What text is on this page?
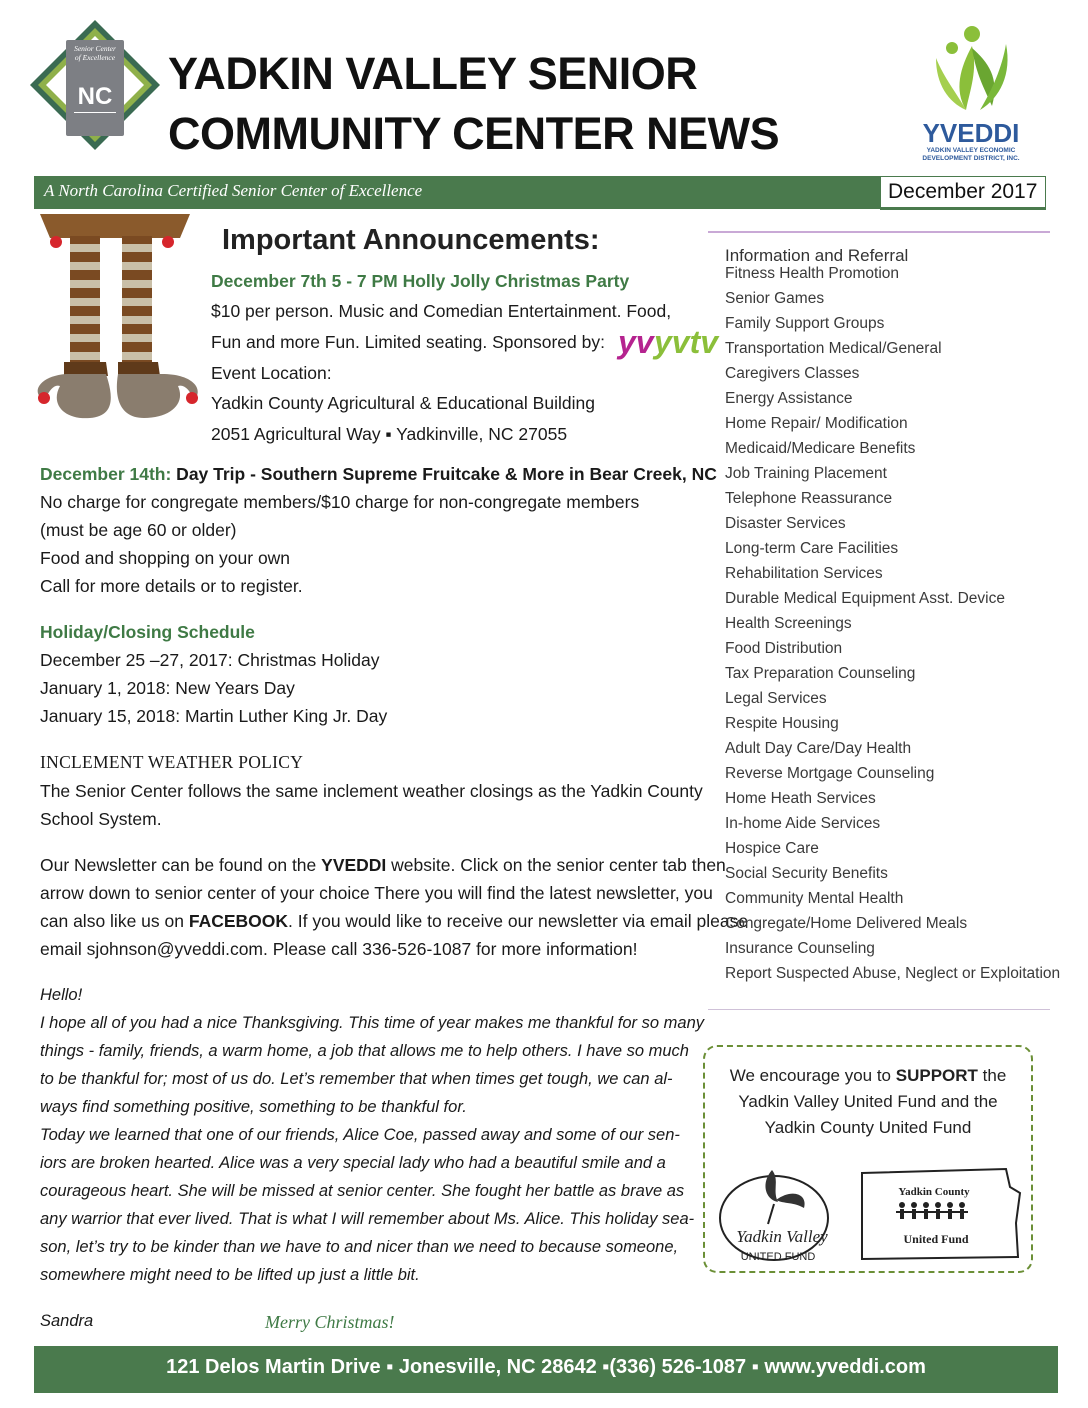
Senior Center
of Excellence
NC YADKIN VALLEY SENIOR
COMMUNITY CENTER NEWS	YVEDDI
YADKIN VALLEY ECONOMIC
DEVELOPMENT DISTRICT, INC.
A North Carolina Certified Senior Center of Excellence	December 2017
Important Announcements:
December 7th 5 - 7 PM Holly Jolly Christmas Party
$10 per person. Music and Comedian Entertainment. Food,
Fun and more Fun. Limited seating. Sponsored by: yv yvtv
Event Location:
Yadkin County Agricultural & Educational Building
2051 Agricultural Way ▪ Yadkinville, NC 27055
December 14th: Day Trip - Southern Supreme Fruitcake & More in Bear Creek, NC
No charge for congregate members/$10 charge for non-congregate members
(must be age 60 or older)
Food and shopping on your own
Call for more details or to register.
Holiday/Closing Schedule
December 25 –27, 2017: Christmas Holiday
January 1, 2018: New Years Day
January 15, 2018: Martin Luther King Jr. Day
INCLEMENT WEATHER POLICY
The Senior Center follows the same inclement weather closings as the Yadkin County
School System.
Our Newsletter can be found on the YVEDDI website. Click on the senior center tab then
arrow down to senior center of your choice There you will find the latest newsletter, you
can also like us on FACEBOOK. If you would like to receive our newsletter via email please
email sjohnson@yveddi.com. Please call 336-526-1087 for more information!
Hello!
I hope all of you had a nice Thanksgiving. This time of year makes me thankful for so many
things - family, friends, a warm home, a job that allows me to help others. I have so much
to be thankful for; most of us do. Let’s remember that when times get tough, we can al-
ways find something positive, something to be thankful for.
Today we learned that one of our friends, Alice Coe, passed away and some of our sen-
iors are broken hearted. Alice was a very special lady who had a beautiful smile and a
courageous heart. She will be missed at senior center. She fought her battle as brave as
any warrior that ever lived. That is what I will remember about Ms. Alice. This holiday sea-
son, let’s try to be kinder than we have to and nicer than we need to because someone,
somewhere might need to be lifted up just a little bit.
Sandra	Merry Christmas!
Information and Referral
Fitness Health Promotion
Senior Games
Family Support Groups
Transportation Medical/General
Caregivers Classes
Energy Assistance
Home Repair/ Modification
Medicaid/Medicare Benefits
Job Training Placement
Telephone Reassurance
Disaster Services
Long-term Care Facilities
Rehabilitation Services
Durable Medical Equipment Asst. Device
Health Screenings
Food Distribution
Tax Preparation Counseling
Legal Services
Respite Housing
Adult Day Care/Day Health
Reverse Mortgage Counseling
Home Heath Services
In-home Aide Services
Hospice Care
Social Security Benefits
Community Mental Health
Congregate/Home Delivered Meals
Insurance Counseling
Report Suspected Abuse, Neglect or Exploitation
We encourage you to SUPPORT the
Yadkin Valley United Fund and the
Yadkin County United Fund
Yadkin Valley
UNITED FUND
Yadkin County
United Fund
121 Delos Martin Drive ▪ Jonesville, NC 28642 ▪(336) 526-1087 ▪ www.yveddi.com
